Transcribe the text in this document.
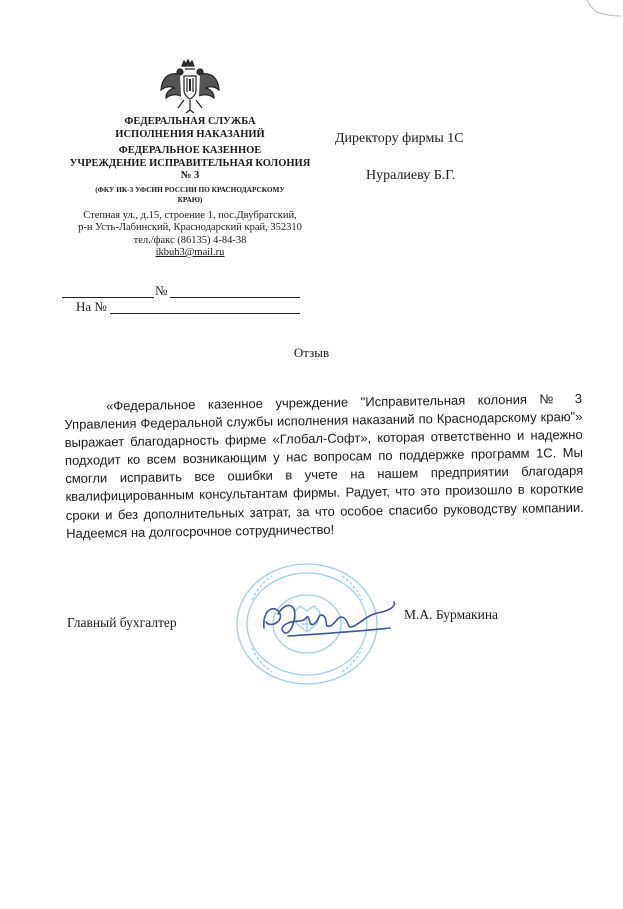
ФЕДЕРАЛЬНАЯ СЛУЖБА
ИСПОЛНЕНИЯ НАКАЗАНИЙ
ФЕДЕРАЛЬНОЕ КАЗЕННОЕ
УЧРЕЖДЕНИЕ ИСПРАВИТЕЛЬНАЯ КОЛОНИЯ
№ 3
(ФКУ ИК-3 УФСИН РОССИИ ПО КРАСНОДАРСКОМУ
КРАЮ)
Степная ул., д.15, строение 1, пос.Двубратский,
р-н Усть-Лабинский, Краснодарский край, 352310
тел./факс (86135) 4-84-38
ikbuh3@mail.ru
Директору фирмы 1С
Нуралиеву Б.Г.
№
На №
Отзыв
«Федеральное казенное учреждение "Исправительная колония № 3 Управления Федеральной службы исполнения наказаний по Краснодарскому краю"» выражает благодарность фирме «Глобал-Софт», которая ответственно и надежно подходит ко всем возникающим у нас вопросам по поддержке программ 1С. Мы смогли исправить все ошибки в учете на нашем предприятии благодаря квалифицированным консультантам фирмы. Радует, что это произошло в короткие сроки и без дополнительных затрат, за что особое спасибо руководству компании. Надеемся на долгосрочное сотрудничество!
Главный бухгалтер
М.А. Бурмакина
